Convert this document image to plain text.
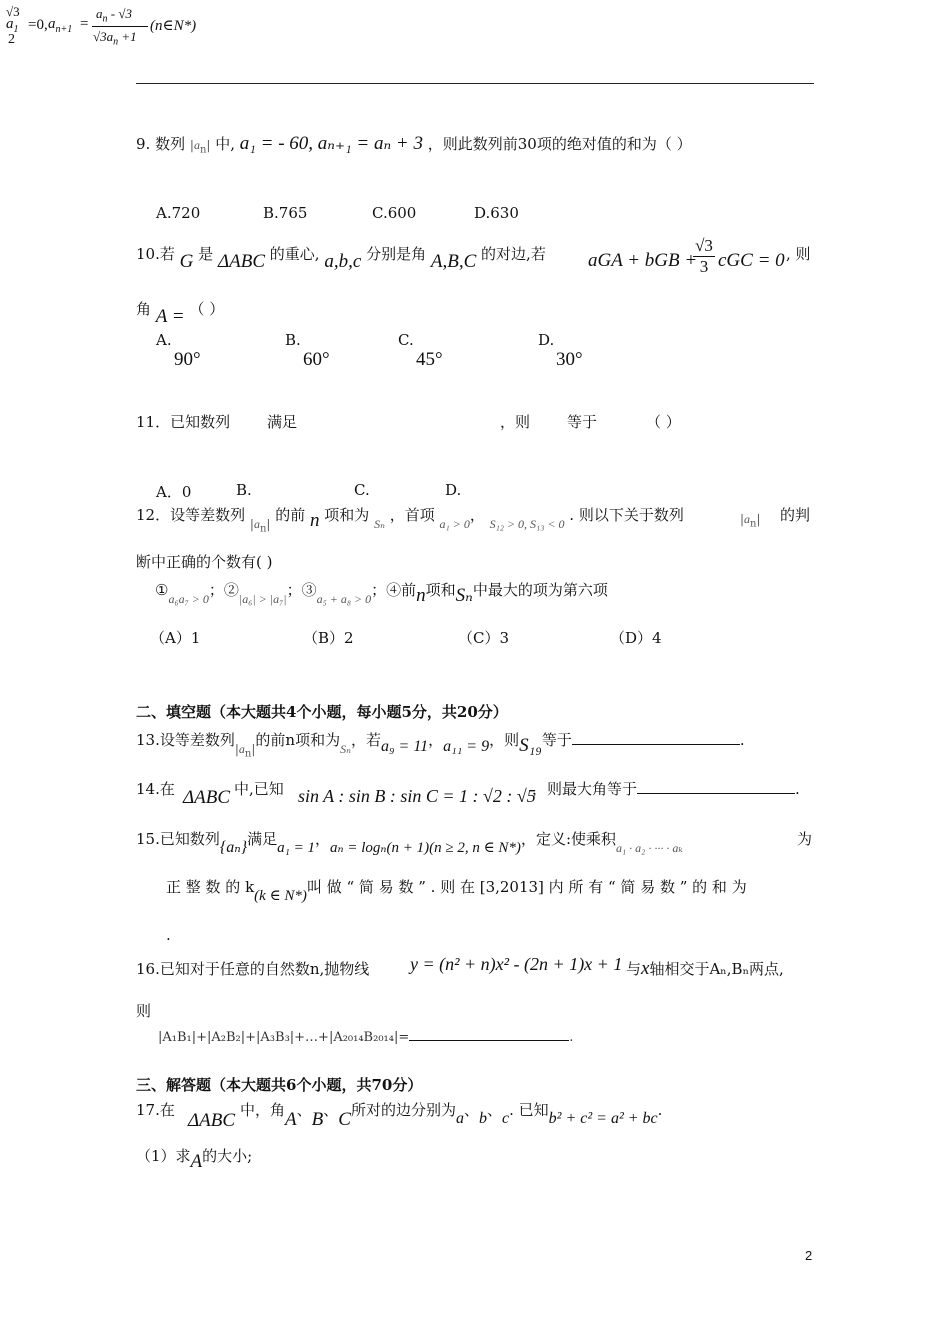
√3
$a_1 =0$,
2
$a_{n+1}$ =
$a_n - √3$
$√3a_n +1$
(n∈N*)
9. 数列 $|a_n|$ 中, a₁ = - 60, aₙ₊₁ = aₙ + 3 ，则此数列前30项的绝对值的和为（ ）
A.720	B.765	C.600	D.630
10.若 G 是 ΔABC 的重心, a,b,c 分别是角 A,B,C 的对边,若 aGA + bGB +
$\frac{√3}{3}$ cGC = 0 , 则
角 A = （ ）
A.
90°
B.
60°
C.
45°
D.
30°
11．已知数列 满足	，则 等于	（ ）
A．0	B.	C.	D.
12．设等差数列 $_{|a_n|}$ 的前 n 项和为 $_{S_n}$ ，首项 $_{a_1 > 0}$， $_{S_{12} > 0, S_{13} < 0}$ . 则以下关于数列	$|a_n|$ 的判
断中正确的个数有( )
$①_{a_6a_7 > 0}$；$②_{|a_6| > |a_7|}$；$③_{a_5 + a_8 > 0}$；④前n项和Sₙ中最大的项为第六项
（A）1	（B）2	（C）3	（D）4
二、填空题（本大题共4个小题，每小题5分，共20分）
13.设等差数列$_{|a_n|}$的前n项和为$_{S_n}$，若a₉ = 11，a₁₁ = 9，则S₁₉等于	.
14.在 ΔABC 中,已知 sin A : sin B : sin C = 1 : √2 : √5
，则最大角等于	.
15.已知数列{aₙ}满足a₁ = 1，aₙ = logₙ(n + 1)(n ≥ 2, n ∈ N*)，定义:使乘积$_{a_1 \cdot a_2 \cdot \cdot\cdot\cdot \cdot a_k}$	为
正 整 数 的 k(k ∈ N*)叫 做 “ 简 易 数 ” . 则 在 [3,2013] 内 所 有 “ 简 易 数 ” 的 和 为
.
16.已知对于任意的自然数n,抛物线 y = (n² + n)x² - (2n + 1)x + 1 与x轴相交于Aₙ,Bₙ两点,
则
|A₁B₁|+|A₂B₂|+|A₃B₃|+…+|A₂₀₁₄B₂₀₁₄|=	.
三、解答题（本大题共6个小题，共70分）
17.在 ΔABC 中，角A、B、C所对的边分别为a、b、c. 已知b² + c² = a² + bc.
（1）求A的大小;
2
